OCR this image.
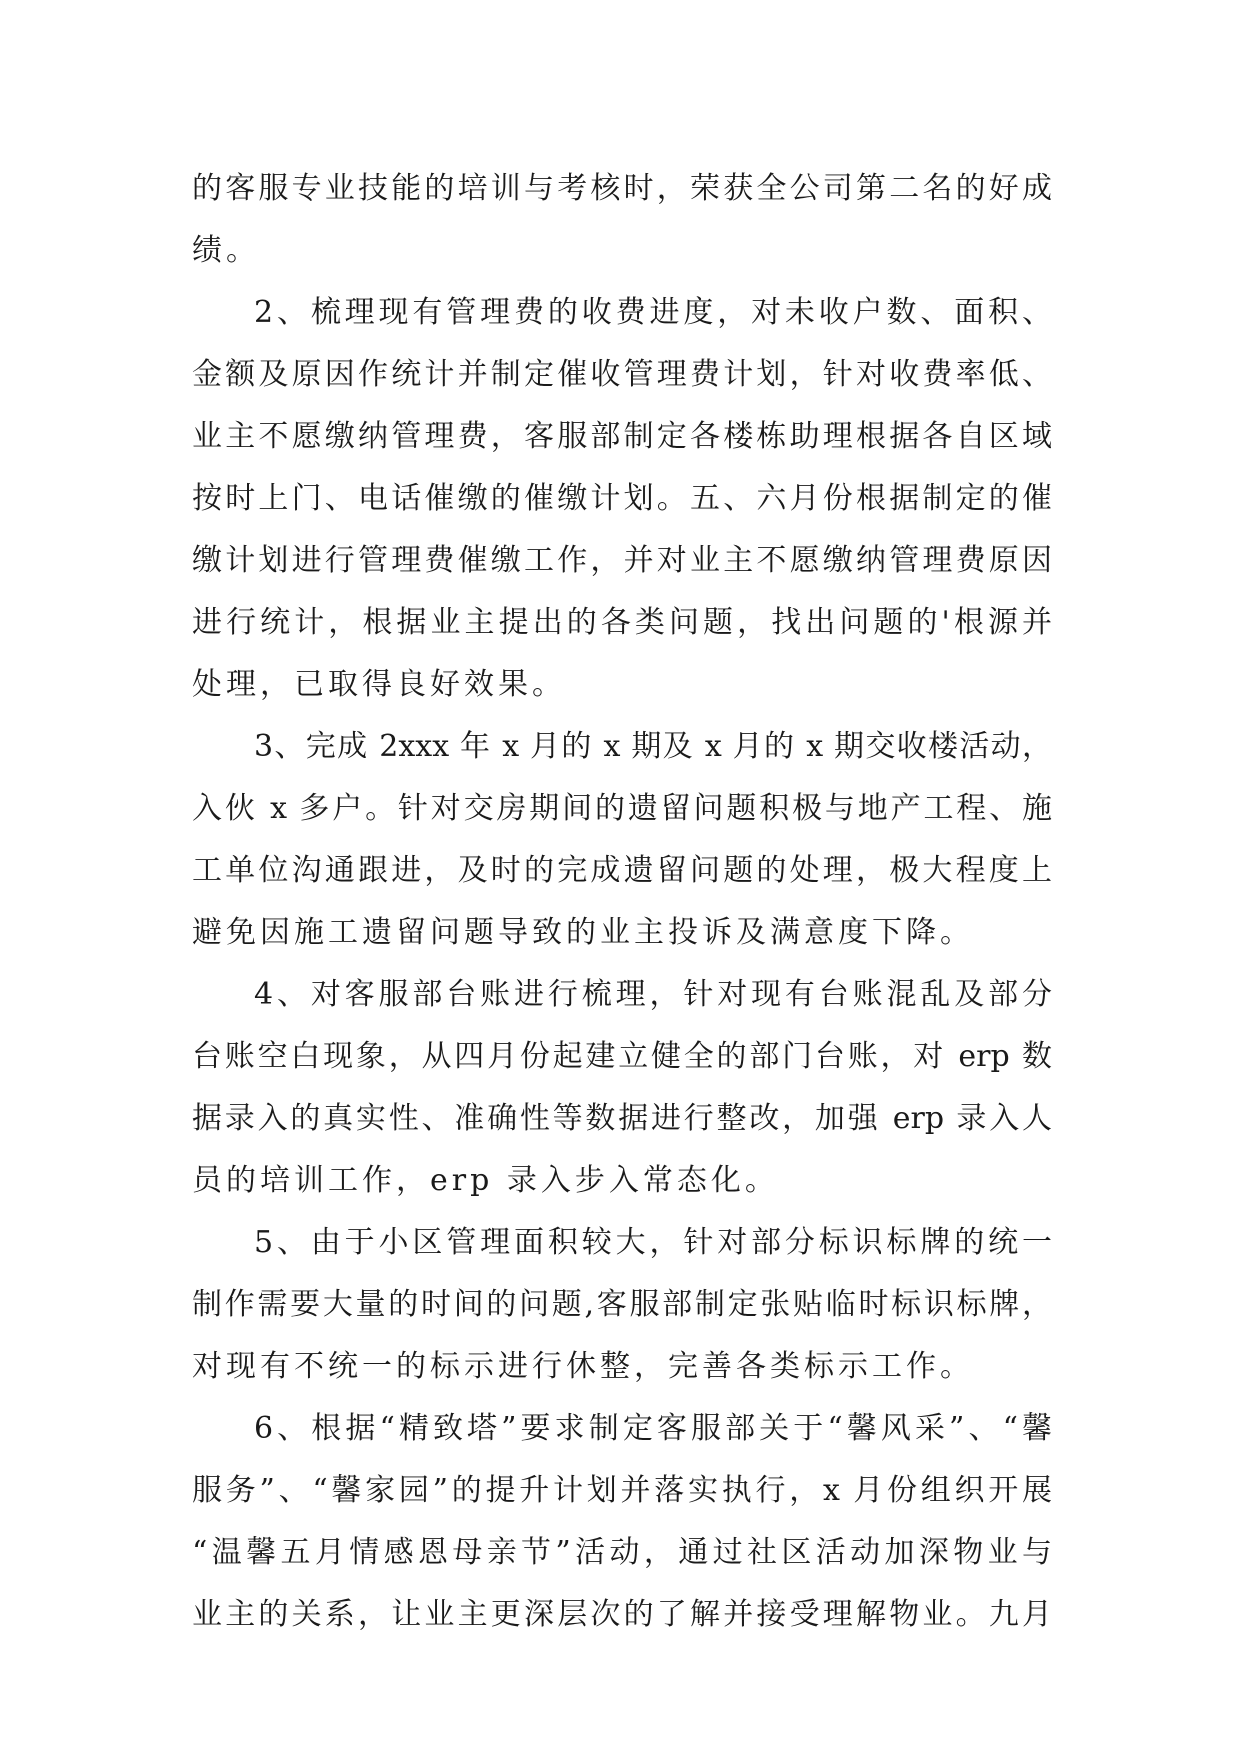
的客服专业技能的培训与考核时，荣获全公司第二名的好成
绩。
2、梳理现有管理费的收费进度，对未收户数、面积、
金额及原因作统计并制定催收管理费计划，针对收费率低、
业主不愿缴纳管理费，客服部制定各楼栋助理根据各自区域
按时上门、电话催缴的催缴计划。五、六月份根据制定的催
缴计划进行管理费催缴工作，并对业主不愿缴纳管理费原因
进行统计，根据业主提出的各类问题，找出问题的'根源并
处理，已取得良好效果。
3、完成 2xxx 年 x 月的 x 期及 x 月的 x 期交收楼活动，
入伙 x 多户。针对交房期间的遗留问题积极与地产工程、施
工单位沟通跟进，及时的完成遗留问题的处理，极大程度上
避免因施工遗留问题导致的业主投诉及满意度下降。
4、对客服部台账进行梳理，针对现有台账混乱及部分
台账空白现象，从四月份起建立健全的部门台账，对 erp 数
据录入的真实性、准确性等数据进行整改，加强 erp 录入人
员的培训工作，erp 录入步入常态化。
5、由于小区管理面积较大，针对部分标识标牌的统一
制作需要大量的时间的问题,客服部制定张贴临时标识标牌，
对现有不统一的标示进行休整，完善各类标示工作。
6、根据“精致塔”要求制定客服部关于“馨风采”、“馨
服务”、“馨家园”的提升计划并落实执行，x 月份组织开展
“温馨五月情感恩母亲节”活动，通过社区活动加深物业与
业主的关系，让业主更深层次的了解并接受理解物业。九月
